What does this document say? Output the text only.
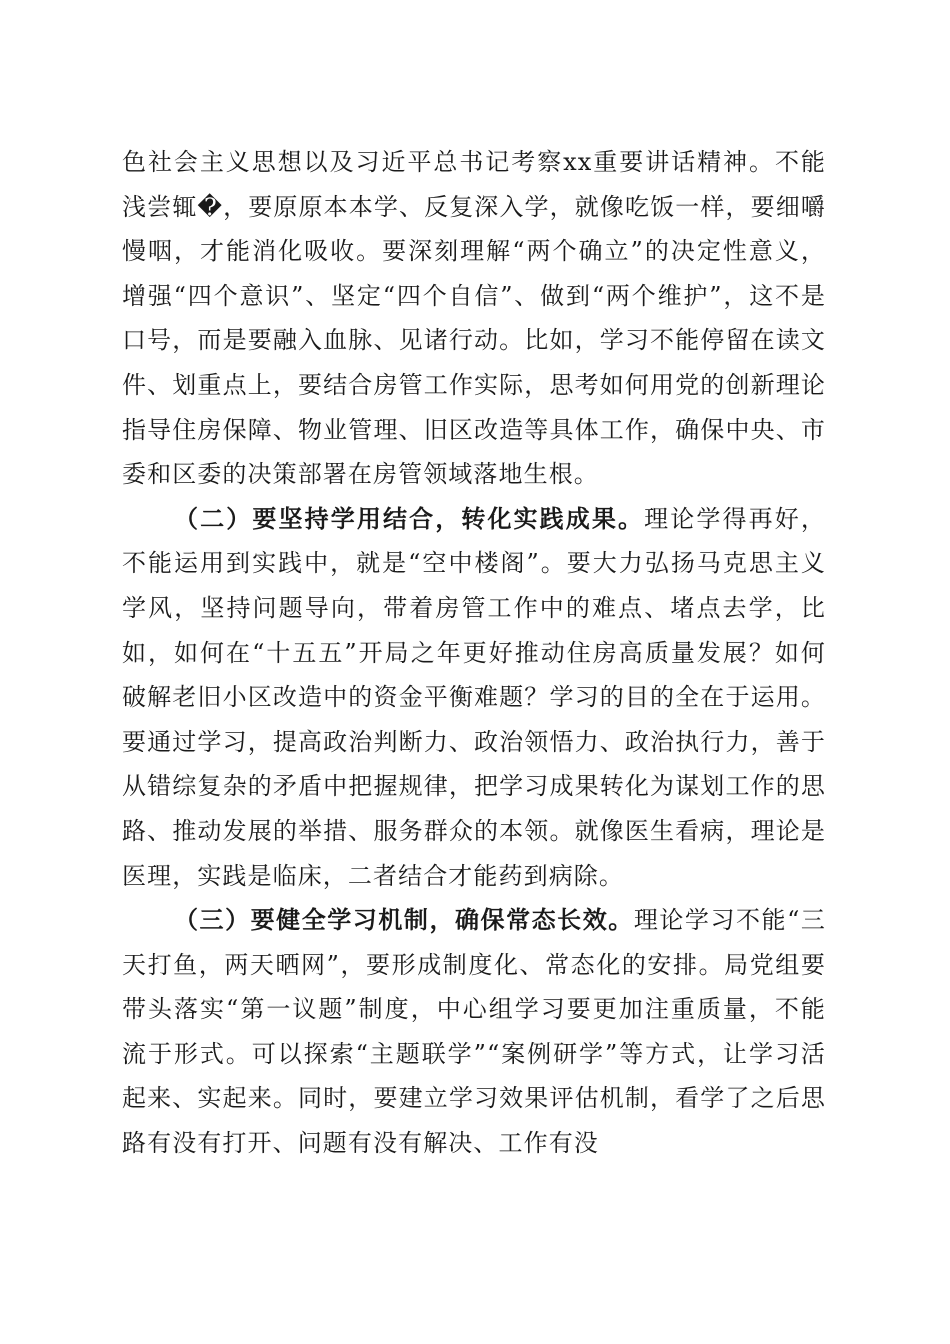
色社会主义思想以及习近平总书记考察xx重要讲话精神。不能浅尝辄�，要原原本本学、反复深入学，就像吃饭一样，要细嚼慢咽，才能消化吸收。要深刻理解“两个确立”的决定性意义，增强“四个意识”、坚定“四个自信”、做到“两个维护”，这不是口号，而是要融入血脉、见诸行动。比如，学习不能停留在读文件、划重点上，要结合房管工作实际，思考如何用党的创新理论指导住房保障、物业管理、旧区改造等具体工作，确保中央、市委和区委的决策部署在房管领域落地生根。

（二）要坚持学用结合，转化实践成果。理论学得再好，不能运用到实践中，就是“空中楼阁”。要大力弘扬马克思主义学风，坚持问题导向，带着房管工作中的难点、堵点去学，比如，如何在“十五五”开局之年更好推动住房高质量发展？如何破解老旧小区改造中的资金平衡难题？学习的目的全在于运用。要通过学习，提高政治判断力、政治领悟力、政治执行力，善于从错综复杂的矛盾中把握规律，把学习成果转化为谋划工作的思路、推动发展的举措、服务群众的本领。就像医生看病，理论是医理，实践是临床，二者结合才能药到病除。

（三）要健全学习机制，确保常态长效。理论学习不能“三天打鱼，两天晒网”，要形成制度化、常态化的安排。局党组要带头落实“第一议题”制度，中心组学习要更加注重质量，不能流于形式。可以探索“主题联学”“案例研学”等方式，让学习活起来、实起来。同时，要建立学习效果评估机制，看学了之后思路有没有打开、问题有没有解决、工作有没
